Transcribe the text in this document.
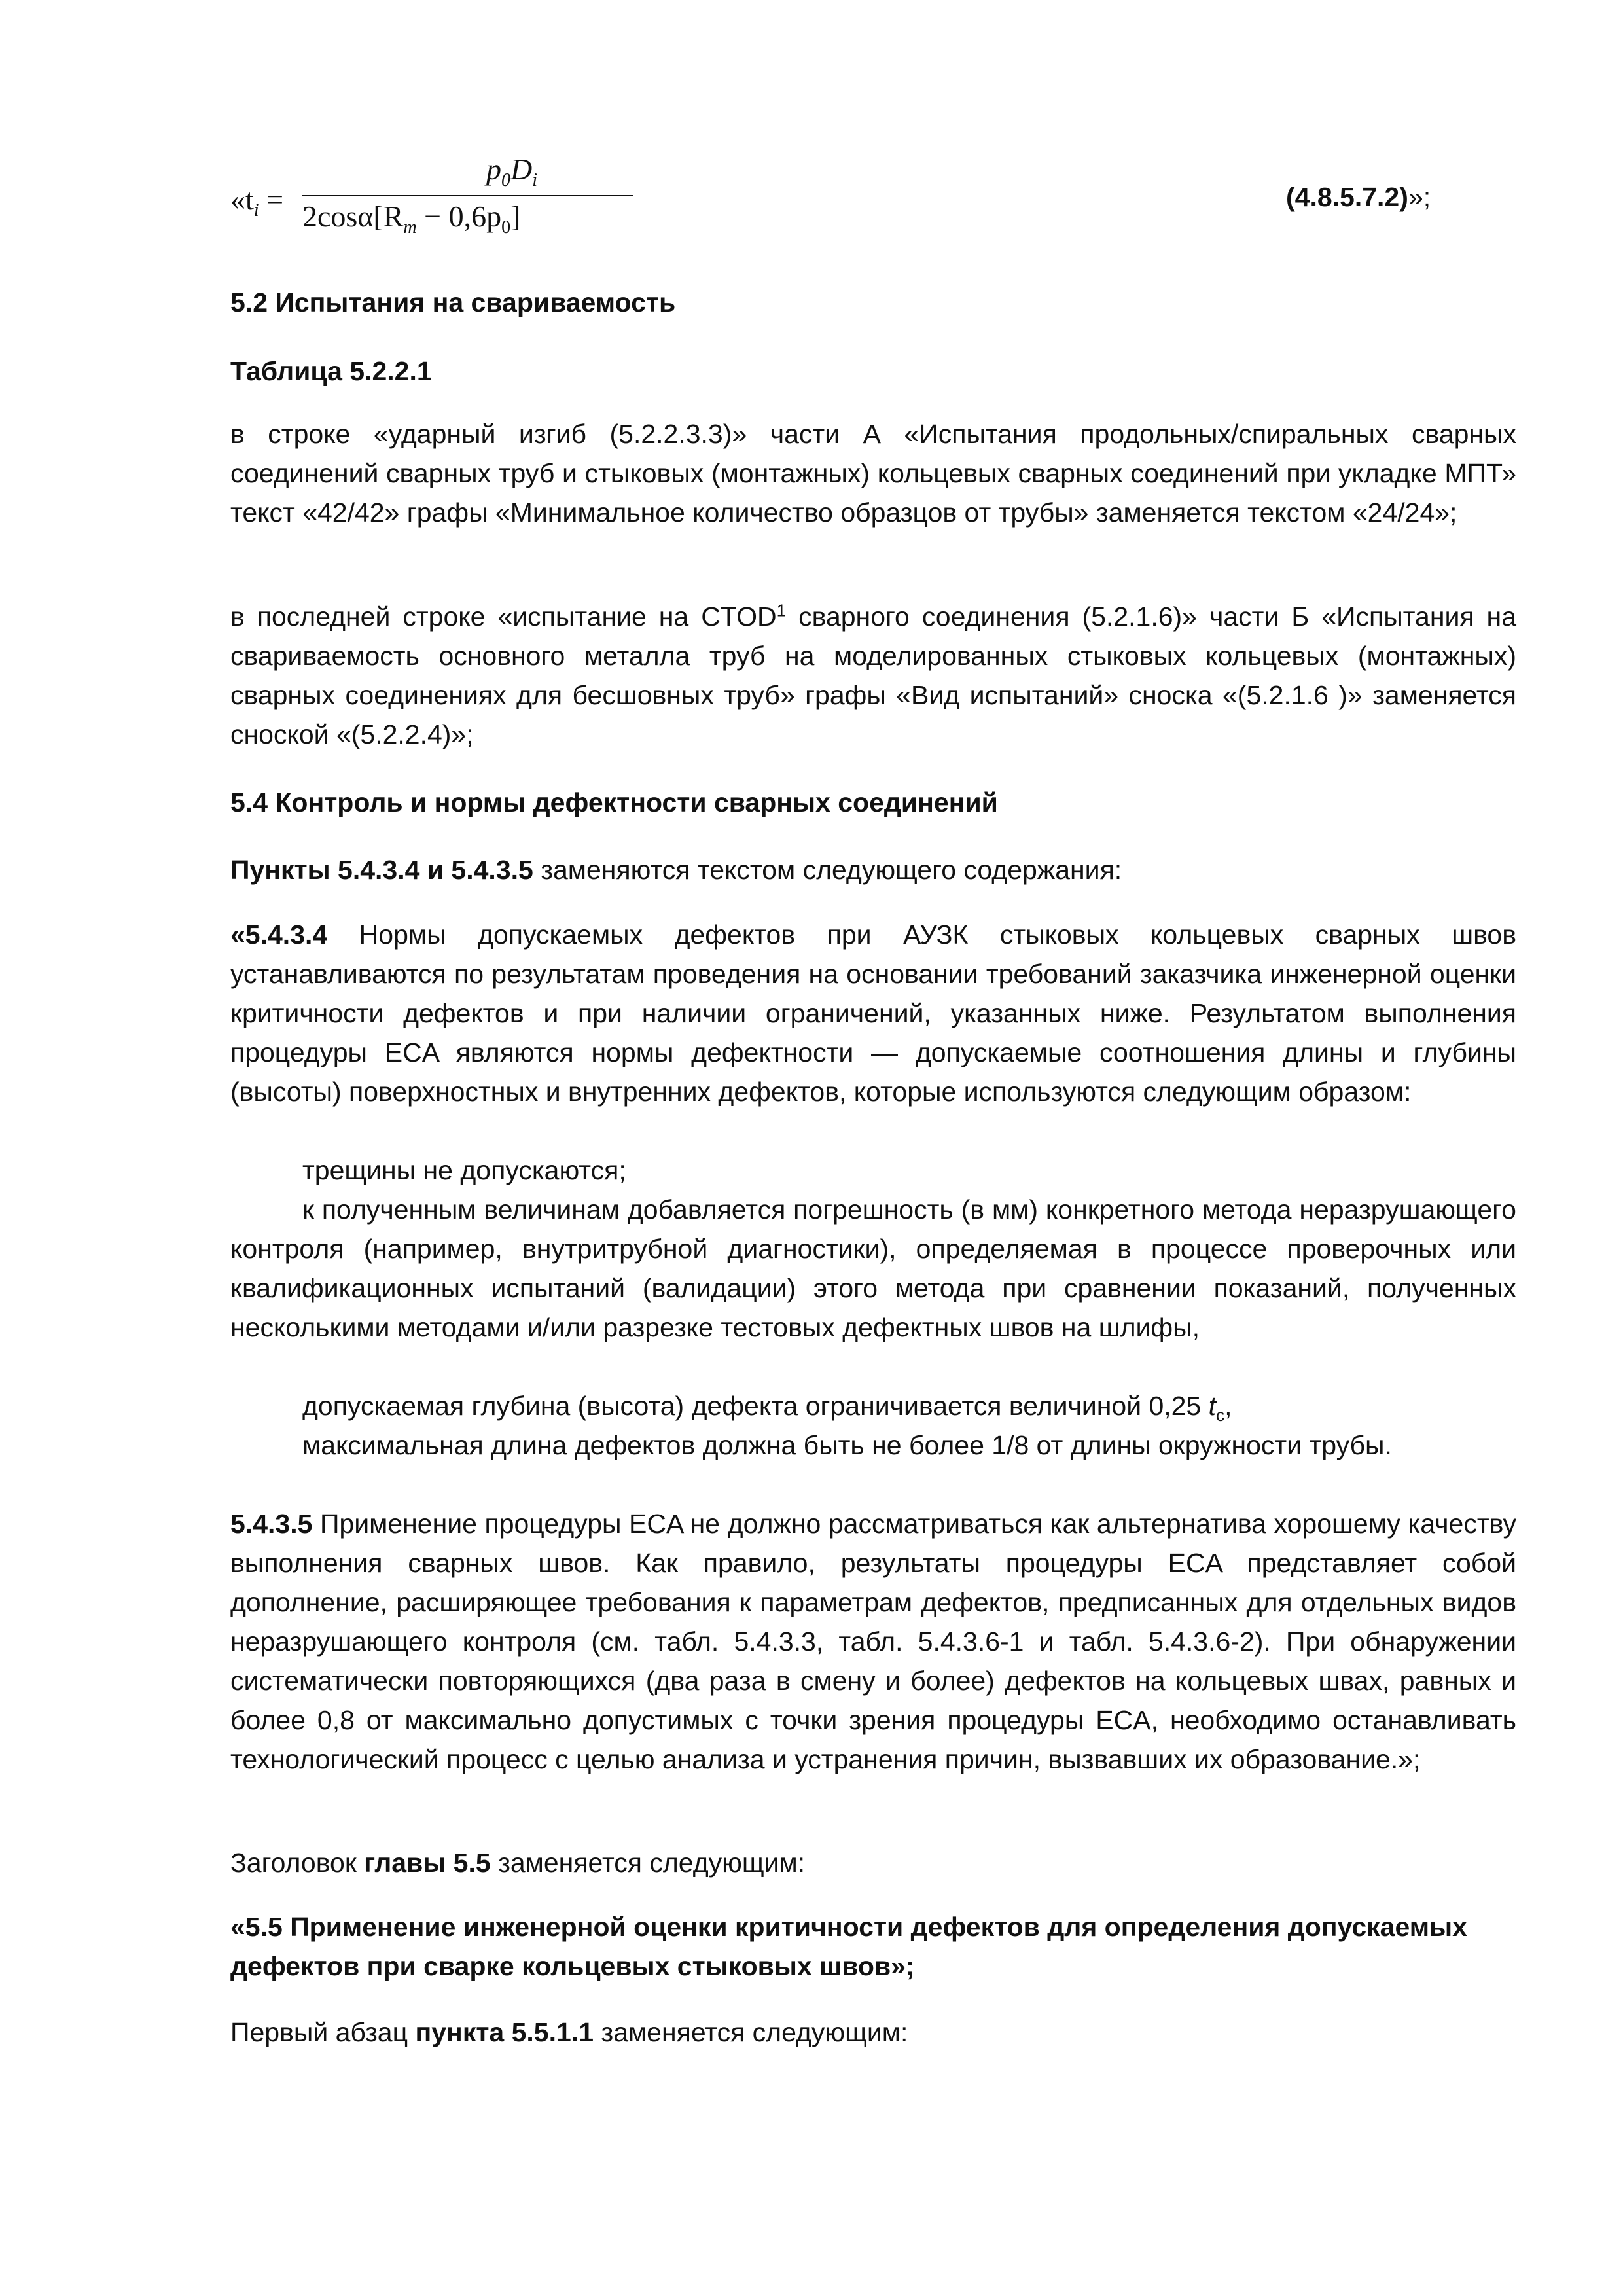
«$t_i$ =
$p_0D_i$
$2\cos\alpha[R_m - 0,6p_0]$
(4.8.5.7.2)»;
5.2 Испытания на свариваемость
Таблица 5.2.2.1

в строке «ударный изгиб (5.2.2.3.3)» части А «Испытания продольных/спиральных сварных соединений сварных труб и стыковых (монтажных) кольцевых сварных соединений при укладке МПТ» текст «42/42» графы «Минимальное количество образцов от трубы» заменяется текстом «24/24»;

в последней строке «испытание на CTOD$^1$ сварного соединения (5.2.1.6)» части Б «Испытания на свариваемость основного металла труб на моделированных стыковых кольцевых (монтажных) сварных соединениях для бесшовных труб» графы «Вид испытаний» сноска «(5.2.1.6 )» заменяется сноской «(5.2.2.4)»;

5.4 Контроль и нормы дефектности сварных соединений

Пункты 5.4.3.4 и 5.4.3.5 заменяются текстом следующего содержания:

«5.4.3.4 Нормы допускаемых дефектов при АУЗК стыковых кольцевых сварных швов устанавливаются по результатам проведения на основании требований заказчика инженерной оценки критичности дефектов и при наличии ограничений, указанных ниже. Результатом выполнения процедуры ECA являются нормы дефектности — допускаемые соотношения длины и глубины (высоты) поверхностных и внутренних дефектов, которые используются следующим образом:

трещины не допускаются;

к полученным величинам добавляется погрешность (в мм) конкретного метода неразрушающего контроля (например, внутритрубной диагностики), определяемая в процессе проверочных или квалификационных испытаний (валидации) этого метода при сравнении показаний, полученных несколькими методами и/или разрезке тестовых дефектных швов на шлифы,

допускаемая глубина (высота) дефекта ограничивается величиной 0,25 $t_c$,

максимальная длина дефектов должна быть не более 1/8 от длины окружности трубы.

5.4.3.5 Применение процедуры ECA не должно рассматриваться как альтернатива хорошему качеству выполнения сварных швов. Как правило, результаты процедуры ECA представляет собой дополнение, расширяющее требования к параметрам дефектов, предписанных для отдельных видов неразрушающего контроля (см. табл. 5.4.3.3, табл. 5.4.3.6-1 и табл. 5.4.3.6-2). При обнаружении систематически повторяющихся (два раза в смену и более) дефектов на кольцевых швах, равных и более 0,8 от максимально допустимых с точки зрения процедуры ECA, необходимо останавливать технологический процесс с целью анализа и устранения причин, вызвавших их образование.»;

Заголовок главы 5.5 заменяется следующим:

«5.5 Применение инженерной оценки критичности дефектов для определения допускаемых дефектов при сварке кольцевых стыковых швов»;

Первый абзац пункта 5.5.1.1 заменяется следующим:
